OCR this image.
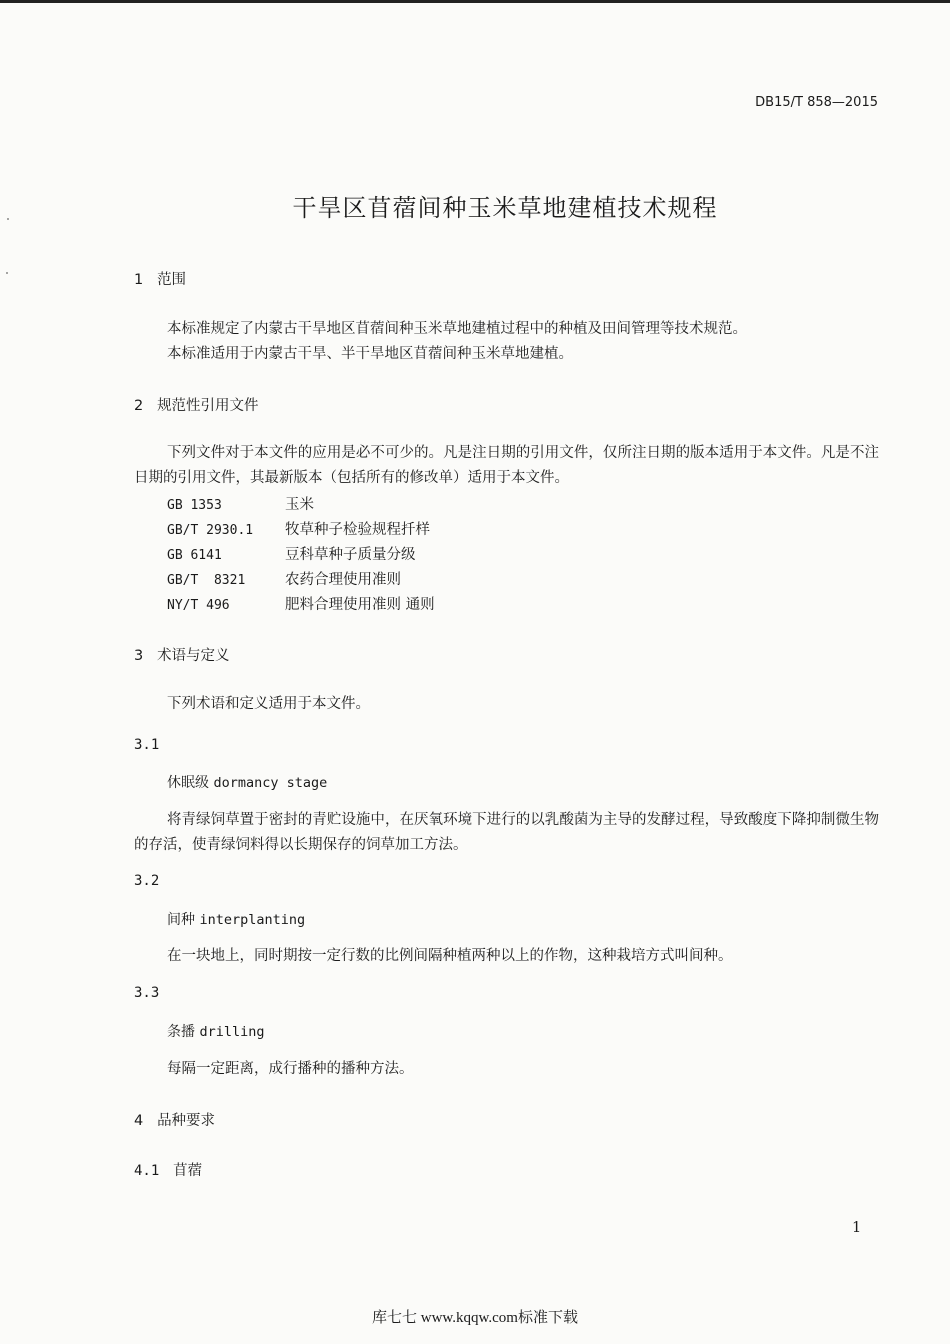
DB15/T 858—2015
干旱区苜蓿间种玉米草地建植技术规程
1 范围
本标准规定了内蒙古干旱地区苜蓿间种玉米草地建植过程中的种植及田间管理等技术规范。
本标准适用于内蒙古干旱、半干旱地区苜蓿间种玉米草地建植。
2 规范性引用文件
下列文件对于本文件的应用是必不可少的。凡是注日期的引用文件，仅所注日期的版本适用于本文件。凡是不注日期的引用文件，其最新版本（包括所有的修改单）适用于本文件。
GB 1353	玉米
GB/T 2930.1 牧草种子检验规程扦样
GB 6141	豆科草种子质量分级
GB/T  8321	农药合理使用准则
NY/T 496	肥料合理使用准则 通则
3 术语与定义
下列术语和定义适用于本文件。
3.1
休眠级 dormancy stage
将青绿饲草置于密封的青贮设施中，在厌氧环境下进行的以乳酸菌为主导的发酵过程，导致酸度下降抑制微生物的存活，使青绿饲料得以长期保存的饲草加工方法。
3.2
间种 interplanting
在一块地上，同时期按一定行数的比例间隔种植两种以上的作物，这种栽培方式叫间种。
3.3
条播 drilling
每隔一定距离，成行播种的播种方法。
4 品种要求
4.1 苜蓿
1
库七七 www.kqqw.com标准下载
